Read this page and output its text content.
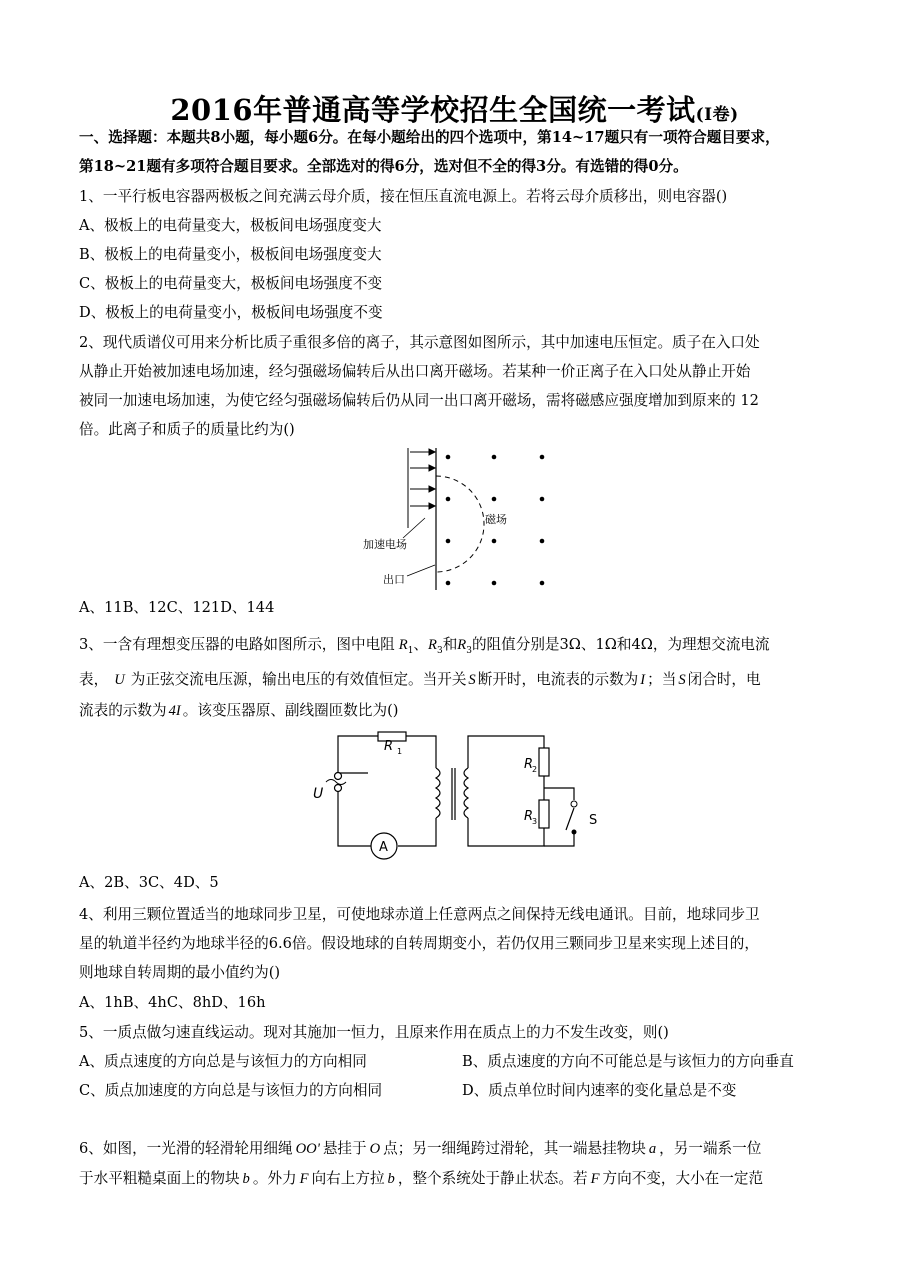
2016年普通高等学校招生全国统一考试(I卷)
一、选择题：本题共8小题，每小题6分。在每小题给出的四个选项中，第14~17题只有一项符合题目要求，
第18~21题有多项符合题目要求。全部选对的得6分，选对但不全的得3分。有选错的得0分。
1、一平行板电容器两极板之间充满云母介质，接在恒压直流电源上。若将云母介质移出，则电容器()
A、极板上的电荷量变大，极板间电场强度变大
B、极板上的电荷量变小，极板间电场强度变大
C、极板上的电荷量变大，极板间电场强度不变
D、极板上的电荷量变小，极板间电场强度不变
2、现代质谱仪可用来分析比质子重很多倍的离子，其示意图如图所示，其中加速电压恒定。质子在入口处
从静止开始被加速电场加速，经匀强磁场偏转后从出口离开磁场。若某种一价正离子在入口处从静止开始
被同一加速电场加速，为使它经匀强磁场偏转后仍从同一出口离开磁场，需将磁感应强度增加到原来的 12
倍。此离子和质子的质量比约为()
磁场
加速电场
出口
A、11B、12C、121D、144
3、一含有理想变压器的电路如图所示，图中电阻 $R_1$、$R_3$和$R_3$的阻值分别是3Ω、1Ω和4Ω，为理想交流电流
表， U 为正弦交流电压源，输出电压的有效值恒定。当开关 S 断开时，电流表的示数为 I ；当 S 闭合时，电
流表的示数为 4I 。该变压器原、副线圈匝数比为()
R 1
R
2
R
3
U
A
S
A、2B、3C、4D、5
4、利用三颗位置适当的地球同步卫星，可使地球赤道上任意两点之间保持无线电通讯。目前，地球同步卫
星的轨道半径约为地球半径的6.6倍。假设地球的自转周期变小，若仍仅用三颗同步卫星来实现上述目的，
则地球自转周期的最小值约为()
A、1hB、4hC、8hD、16h
5、一质点做匀速直线运动。现对其施加一恒力，且原来作用在质点上的力不发生改变，则()
A、质点速度的方向总是与该恒力的方向相同	B、质点速度的方向不可能总是与该恒力的方向垂直
C、质点加速度的方向总是与该恒力的方向相同	D、质点单位时间内速率的变化量总是不变
6、如图，一光滑的轻滑轮用细绳 OO' 悬挂于 O 点；另一细绳跨过滑轮，其一端悬挂物块 a ，另一端系一位
于水平粗糙桌面上的物块 b 。外力 F 向右上方拉 b ，整个系统处于静止状态。若 F 方向不变，大小在一定范
